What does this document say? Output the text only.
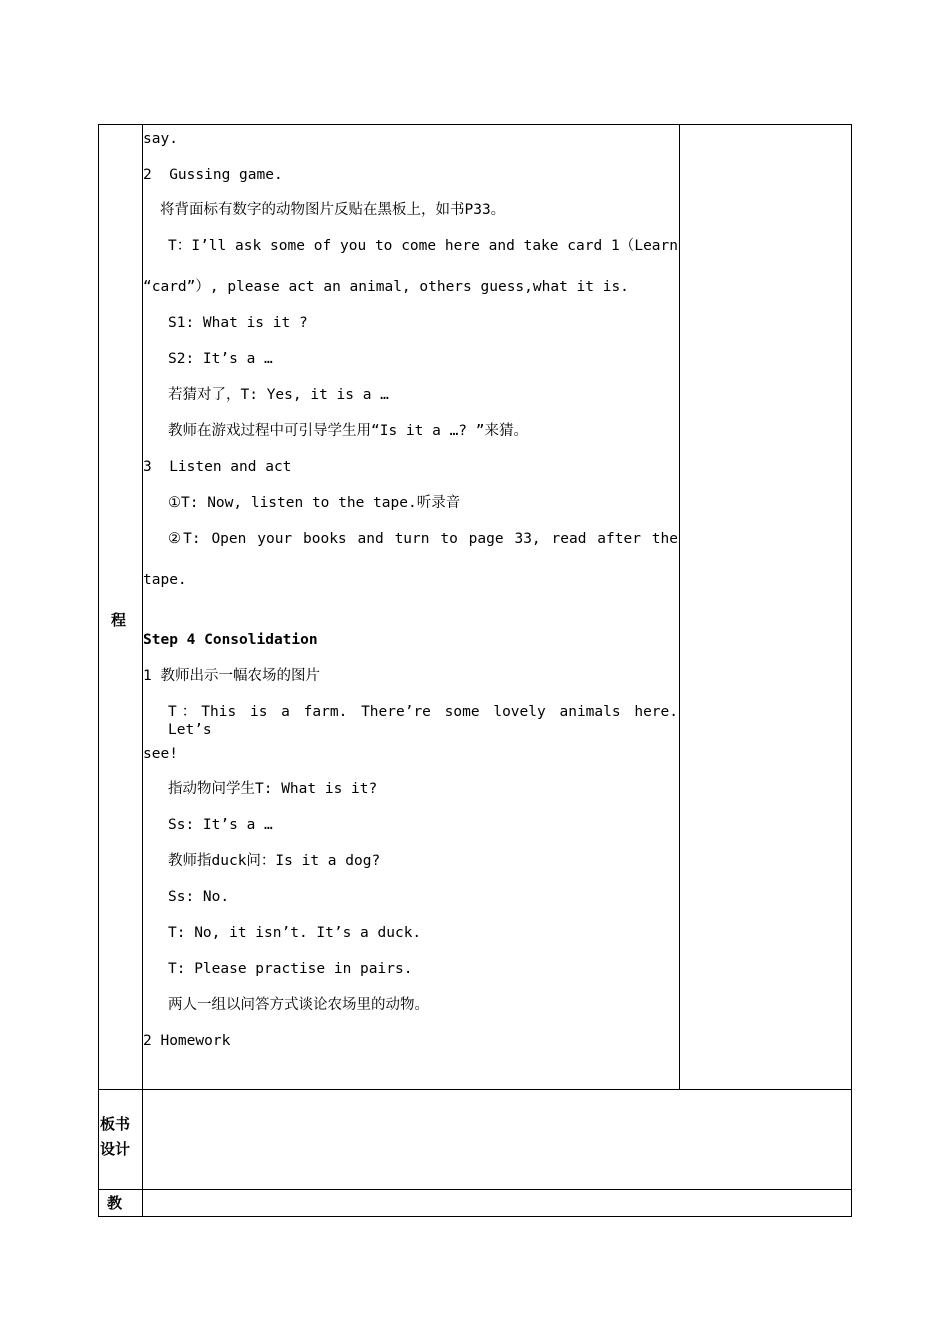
程
板书
设计
教
say.
2  Gussing game.
将背面标有数字的动物图片反贴在黑板上，如书P33。
T：I’ll ask some of you to come here and take card 1（Learn
“card”）, please act an animal, others guess,what it is.
S1: What is it ?
S2: It’s a …
若猜对了，T: Yes, it is a …
教师在游戏过程中可引导学生用“Is it a …? ”来猜。
3  Listen and act
①T: Now, listen to the tape.听录音
②T: Open your books and turn to page 33, read after the
tape.
Step 4 Consolidation
1 教师出示一幅农场的图片
T：This is a farm. There’re some lovely animals here. Let’s
see!
指动物问学生T: What is it?
Ss: It’s a …
教师指duck问：Is it a dog?
Ss: No.
T: No, it isn’t. It’s a duck.
T: Please practise in pairs.
两人一组以问答方式谈论农场里的动物。
2 Homework
